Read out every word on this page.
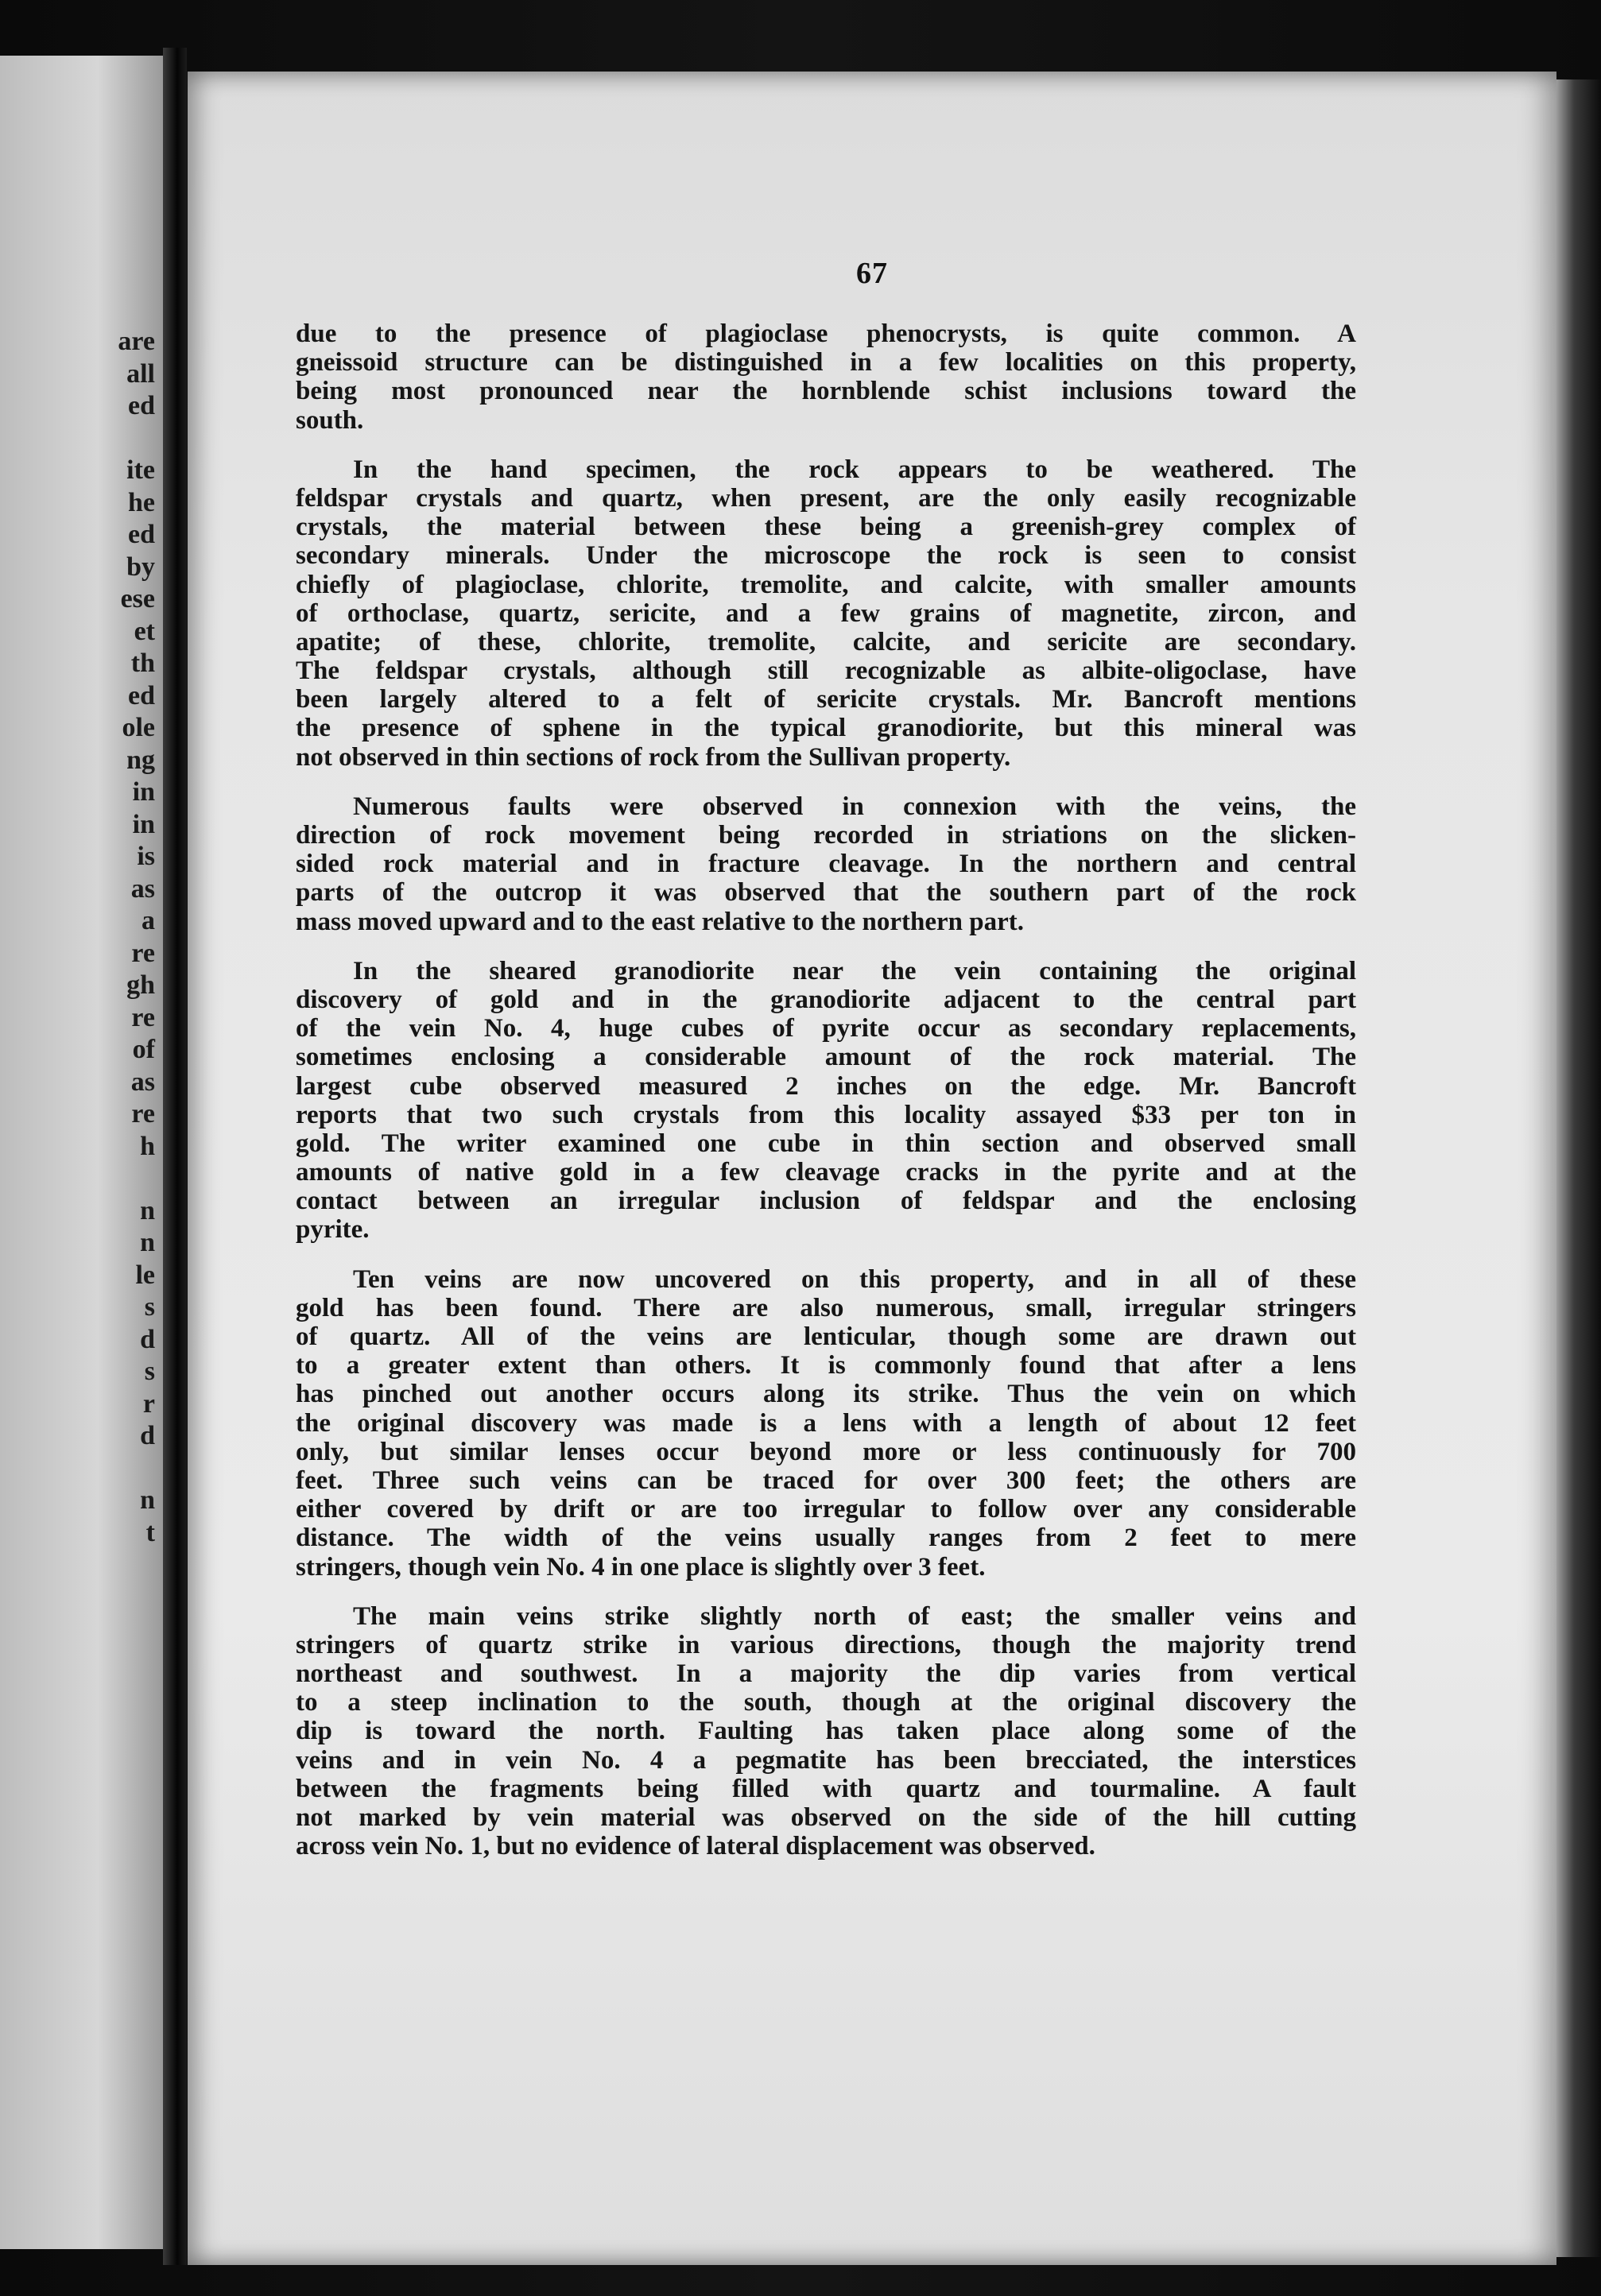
are
all
ed
ite
he
ed
by
ese
et
th
ed
ole
ng
in
in
is
as
a
re
gh
re
of
as
re
h
n
n
le
s
d
s
r
d
n
t
67
due to the presence of plagioclase phenocrysts, is quite common. A
gneissoid structure can be distinguished in a few localities on this property,
being most pronounced near the hornblende schist inclusions toward the
south.
In the hand specimen, the rock appears to be weathered. The
feldspar crystals and quartz, when present, are the only easily recognizable
crystals, the material between these being a greenish-grey complex of
secondary minerals. Under the microscope the rock is seen to consist
chiefly of plagioclase, chlorite, tremolite, and calcite, with smaller amounts
of orthoclase, quartz, sericite, and a few grains of magnetite, zircon, and
apatite; of these, chlorite, tremolite, calcite, and sericite are secondary.
The feldspar crystals, although still recognizable as albite-oligoclase, have
been largely altered to a felt of sericite crystals. Mr. Bancroft mentions
the presence of sphene in the typical granodiorite, but this mineral was
not observed in thin sections of rock from the Sullivan property.
Numerous faults were observed in connexion with the veins, the
direction of rock movement being recorded in striations on the slicken-
sided rock material and in fracture cleavage. In the northern and central
parts of the outcrop it was observed that the southern part of the rock
mass moved upward and to the east relative to the northern part.
In the sheared granodiorite near the vein containing the original
discovery of gold and in the granodiorite adjacent to the central part
of the vein No. 4, huge cubes of pyrite occur as secondary replacements,
sometimes enclosing a considerable amount of the rock material. The
largest cube observed measured 2 inches on the edge. Mr. Bancroft
reports that two such crystals from this locality assayed $33 per ton in
gold. The writer examined one cube in thin section and observed small
amounts of native gold in a few cleavage cracks in the pyrite and at the
contact between an irregular inclusion of feldspar and the enclosing
pyrite.
Ten veins are now uncovered on this property, and in all of these
gold has been found. There are also numerous, small, irregular stringers
of quartz. All of the veins are lenticular, though some are drawn out
to a greater extent than others. It is commonly found that after a lens
has pinched out another occurs along its strike. Thus the vein on which
the original discovery was made is a lens with a length of about 12 feet
only, but similar lenses occur beyond more or less continuously for 700
feet. Three such veins can be traced for over 300 feet; the others are
either covered by drift or are too irregular to follow over any considerable
distance. The width of the veins usually ranges from 2 feet to mere
stringers, though vein No. 4 in one place is slightly over 3 feet.
The main veins strike slightly north of east; the smaller veins and
stringers of quartz strike in various directions, though the majority trend
northeast and southwest. In a majority the dip varies from vertical
to a steep inclination to the south, though at the original discovery the
dip is toward the north. Faulting has taken place along some of the
veins and in vein No. 4 a pegmatite has been brecciated, the interstices
between the fragments being filled with quartz and tourmaline. A fault
not marked by vein material was observed on the side of the hill cutting
across vein No. 1, but no evidence of lateral displacement was observed.
